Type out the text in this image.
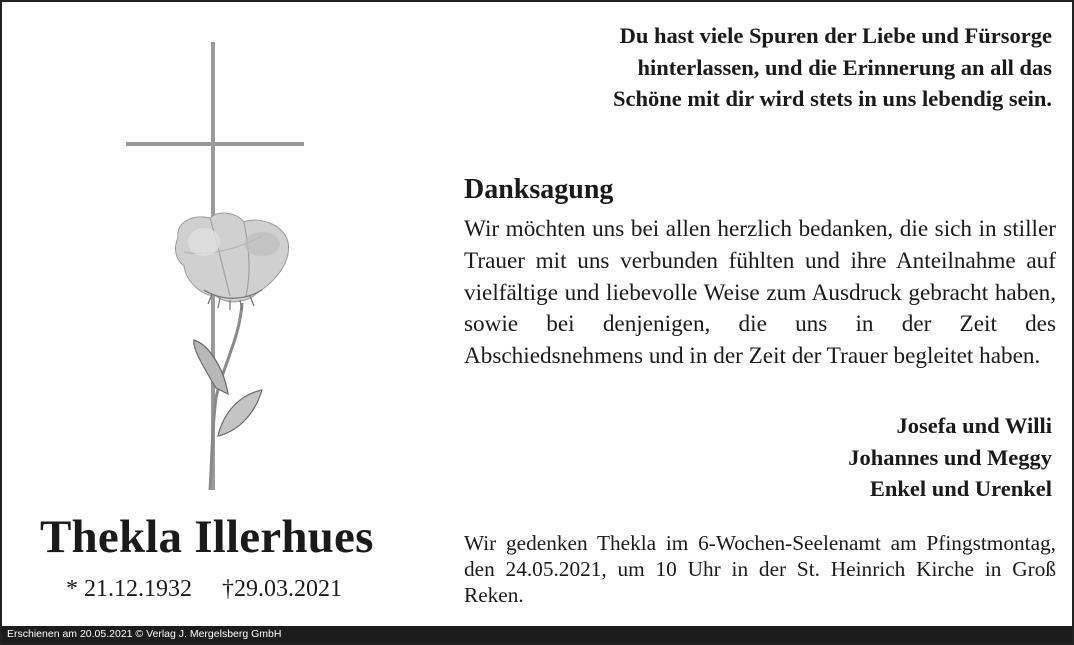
Thekla Illerhues
* 21.12.1932 †29.03.2021
Du hast viele Spuren der Liebe und Fürsorge
hinterlassen, und die Erinnerung an all das
Schöne mit dir wird stets in uns lebendig sein.
Danksagung
Wir möchten uns bei allen herzlich bedanken, die sich in stiller Trauer mit uns verbunden fühlten und ihre Anteilnahme auf vielfältige und liebevolle Weise zum Ausdruck gebracht haben, sowie bei denjenigen, die uns in der Zeit des Abschiedsnehmens und in der Zeit der Trauer begleitet haben.
Josefa und Willi
Johannes und Meggy
Enkel und Urenkel
Wir gedenken Thekla im 6-Wochen-Seelenamt am Pfingstmontag, den 24.05.2021, um 10 Uhr in der St. Heinrich Kirche in Groß Reken.
Erschienen am 20.05.2021 © Verlag J. Mergelsberg GmbH
